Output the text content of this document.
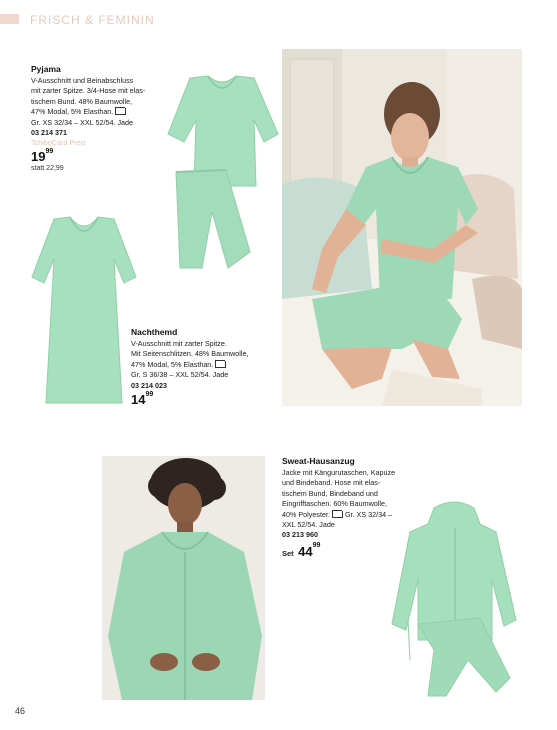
FRISCH & FEMININ
Pyjama
V-Ausschnitt und Beinabschluss
mit zarter Spitze. 3/4-Hose mit elas-
tischem Bund. 48% Baumwolle,
47% Modal, 5% Elasthan.
Gr. XS 32/34 – XXL 52/54. Jade
03 214 371
TchiboCard Preis
$19^{99}$
statt 22,99
Nachthemd
V-Ausschnitt mit zarter Spitze.
Mit Seitenschlitzen. 48% Baumwolle,
47% Modal, 5% Elasthan.
Gr. S 36/38 – XXL 52/54. Jade
03 214 023
$14^{99}$
Sweat-Hausanzug
Jacke mit Kängurutaschen, Kapuze
und Bindeband. Hose mit elas-
tischem Bund, Bindeband und
Eingrifftaschen. 60% Baumwolle,
40% Polyester. Gr. XS 32/34 –
XXL 52/54. Jade
03 213 960
Set $44^{99}$
46
